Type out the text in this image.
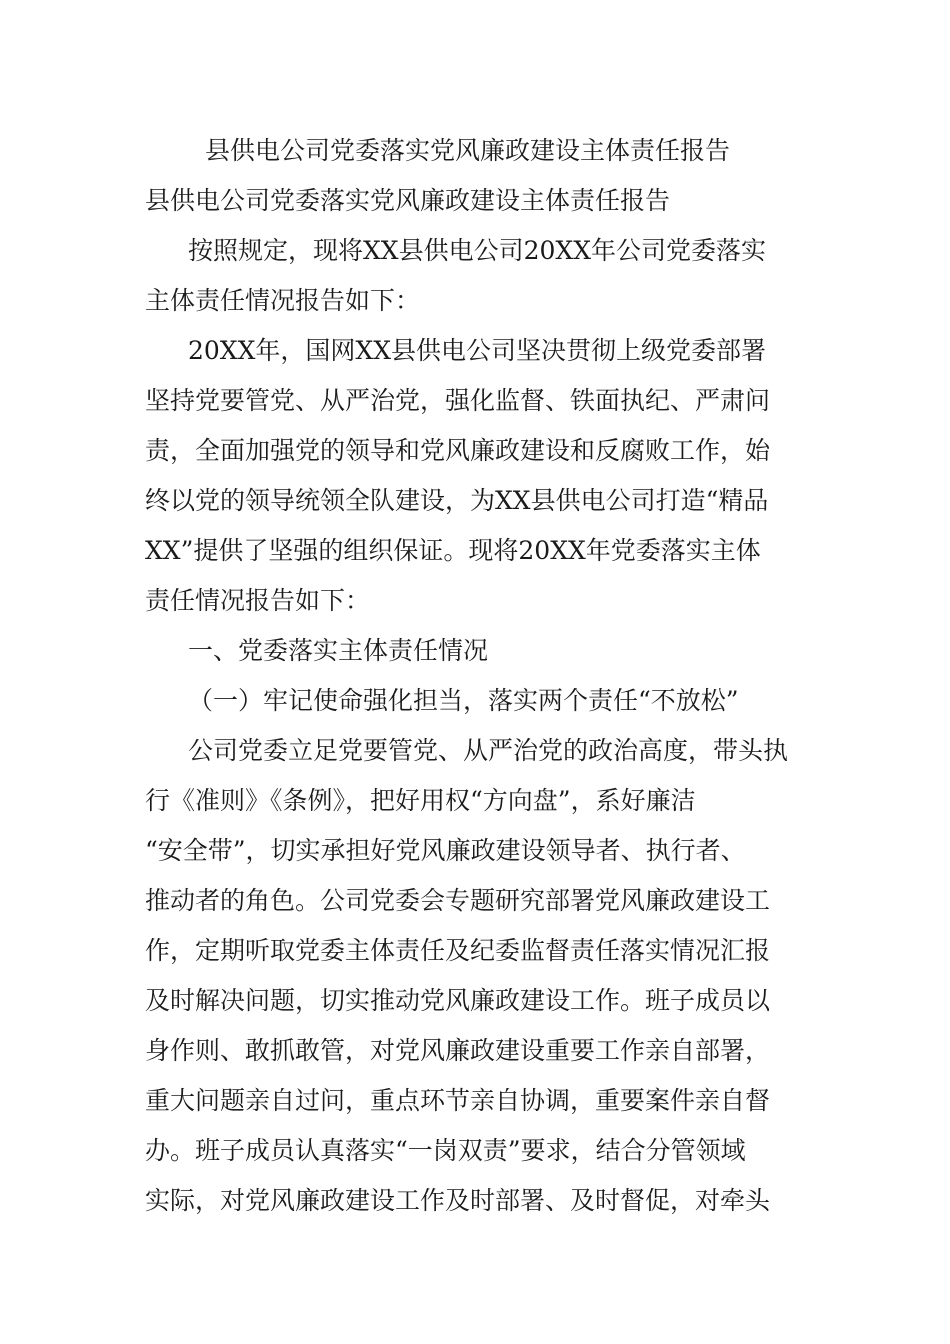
县供电公司党委落实党风廉政建设主体责任报告
县供电公司党委落实党风廉政建设主体责任报告
按照规定，现将XX县供电公司20XX年公司党委落实
主体责任情况报告如下：
20XX年，国网XX县供电公司坚决贯彻上级党委部署
坚持党要管党、从严治党，强化监督、铁面执纪、严肃问
责，全面加强党的领导和党风廉政建设和反腐败工作，始
终以党的领导统领全队建设，为XX县供电公司打造“精品
XX”提供了坚强的组织保证。现将20XX年党委落实主体
责任情况报告如下：
一、党委落实主体责任情况
（一）牢记使命强化担当，落实两个责任“不放松”
公司党委立足党要管党、从严治党的政治高度，带头执
行《准则》《条例》，把好用权“方向盘”，系好廉洁
“安全带”，切实承担好党风廉政建设领导者、执行者、
推动者的角色。公司党委会专题研究部署党风廉政建设工
作，定期听取党委主体责任及纪委监督责任落实情况汇报
及时解决问题，切实推动党风廉政建设工作。班子成员以
身作则、敢抓敢管，对党风廉政建设重要工作亲自部署，
重大问题亲自过问，重点环节亲自协调，重要案件亲自督
办。班子成员认真落实“一岗双责”要求，结合分管领域
实际，对党风廉政建设工作及时部署、及时督促，对牵头
